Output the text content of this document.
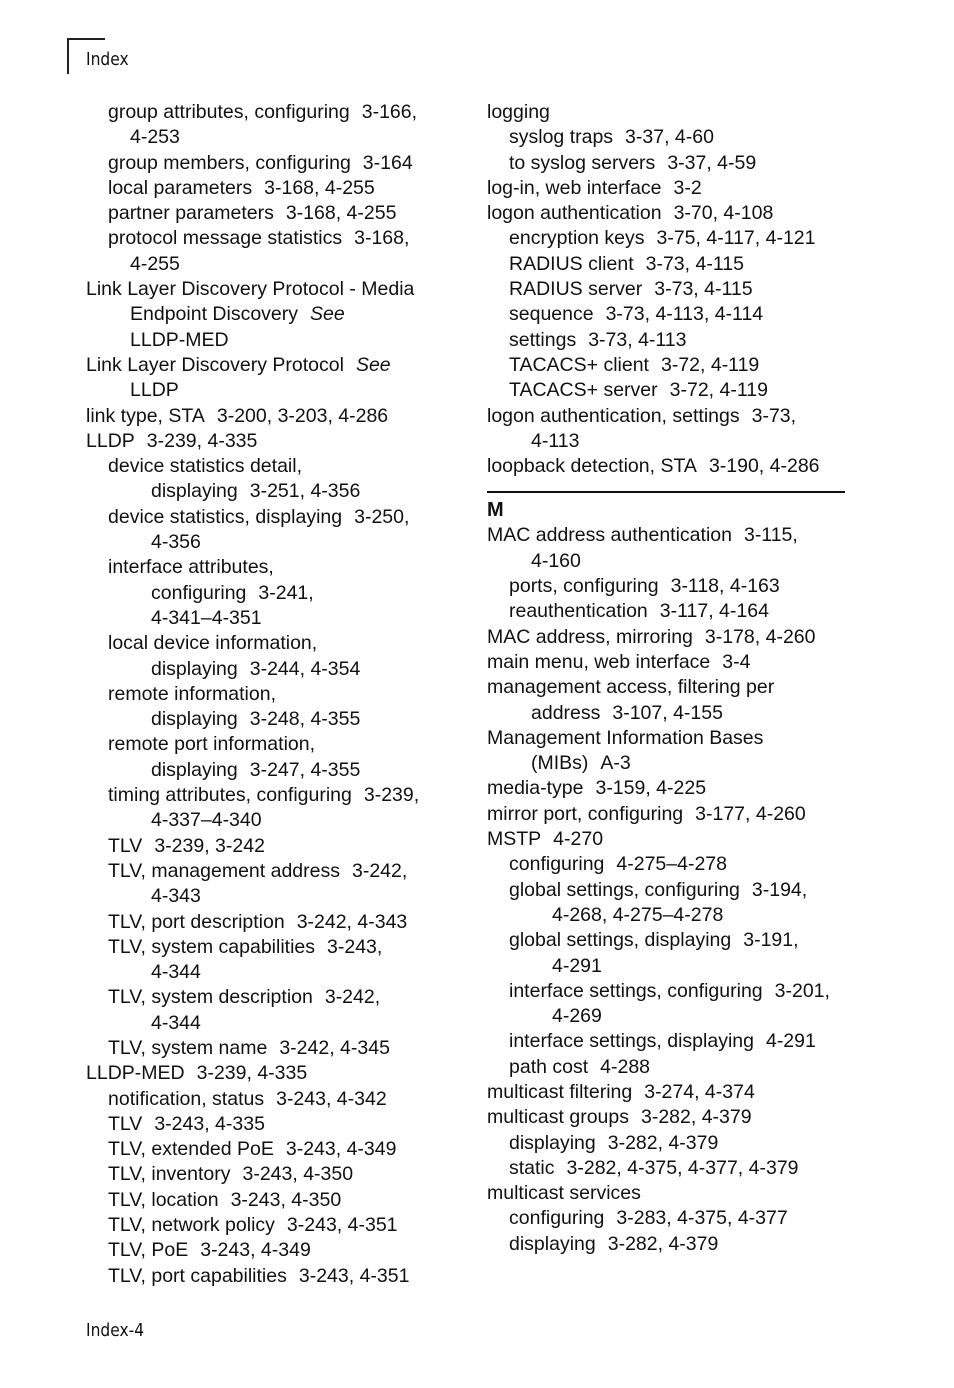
Index
group attributes, configuring 3-166,
4-253
group members, configuring 3-164
local parameters 3-168, 4-255
partner parameters 3-168, 4-255
protocol message statistics 3-168,
4-255
Link Layer Discovery Protocol - Media
Endpoint Discovery See
LLDP-MED
Link Layer Discovery Protocol See
LLDP
link type, STA 3-200, 3-203, 4-286
LLDP 3-239, 4-335
device statistics detail,
displaying 3-251, 4-356
device statistics, displaying 3-250,
4-356
interface attributes,
configuring 3-241,
4-341–4-351
local device information,
displaying 3-244, 4-354
remote information,
displaying 3-248, 4-355
remote port information,
displaying 3-247, 4-355
timing attributes, configuring 3-239,
4-337–4-340
TLV 3-239, 3-242
TLV, management address 3-242,
4-343
TLV, port description 3-242, 4-343
TLV, system capabilities 3-243,
4-344
TLV, system description 3-242,
4-344
TLV, system name 3-242, 4-345
LLDP-MED 3-239, 4-335
notification, status 3-243, 4-342
TLV 3-243, 4-335
TLV, extended PoE 3-243, 4-349
TLV, inventory 3-243, 4-350
TLV, location 3-243, 4-350
TLV, network policy 3-243, 4-351
TLV, PoE 3-243, 4-349
TLV, port capabilities 3-243, 4-351
logging
syslog traps 3-37, 4-60
to syslog servers 3-37, 4-59
log-in, web interface 3-2
logon authentication 3-70, 4-108
encryption keys 3-75, 4-117, 4-121
RADIUS client 3-73, 4-115
RADIUS server 3-73, 4-115
sequence 3-73, 4-113, 4-114
settings 3-73, 4-113
TACACS+ client 3-72, 4-119
TACACS+ server 3-72, 4-119
logon authentication, settings 3-73,
4-113
loopback detection, STA 3-190, 4-286
M
MAC address authentication 3-115,
4-160
ports, configuring 3-118, 4-163
reauthentication 3-117, 4-164
MAC address, mirroring 3-178, 4-260
main menu, web interface 3-4
management access, filtering per
address 3-107, 4-155
Management Information Bases
(MIBs) A-3
media-type 3-159, 4-225
mirror port, configuring 3-177, 4-260
MSTP 4-270
configuring 4-275–4-278
global settings, configuring 3-194,
4-268, 4-275–4-278
global settings, displaying 3-191,
4-291
interface settings, configuring 3-201,
4-269
interface settings, displaying 4-291
path cost 4-288
multicast filtering 3-274, 4-374
multicast groups 3-282, 4-379
displaying 3-282, 4-379
static 3-282, 4-375, 4-377, 4-379
multicast services
configuring 3-283, 4-375, 4-377
displaying 3-282, 4-379
Index-4
